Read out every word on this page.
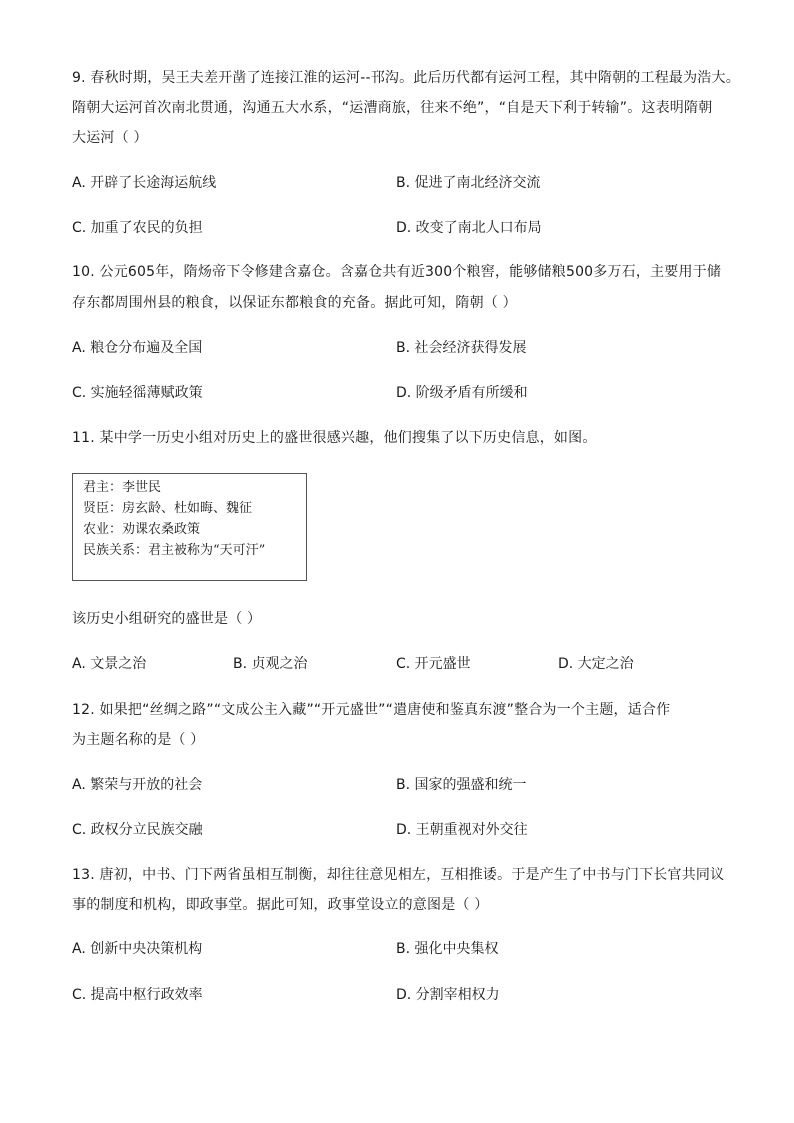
9. 春秋时期，吴王夫差开凿了连接江淮的运河--邗沟。此后历代都有运河工程，其中隋朝的工程最为浩大。
隋朝大运河首次南北贯通，沟通五大水系，“运漕商旅，往来不绝”，“自是天下利于转输”。这表明隋朝
大运河（ ）
A. 开辟了长途海运航线	B. 促进了南北经济交流
C. 加重了农民的负担	D. 改变了南北人口布局
10. 公元605年，隋炀帝下令修建含嘉仓。含嘉仓共有近300个粮窖，能够储粮500多万石，主要用于储
存东都周围州县的粮食，以保证东都粮食的充备。据此可知，隋朝（ ）
A. 粮仓分布遍及全国	B. 社会经济获得发展
C. 实施轻徭薄赋政策	D. 阶级矛盾有所缓和
11. 某中学一历史小组对历史上的盛世很感兴趣，他们搜集了以下历史信息，如图。
君主：李世民
贤臣：房玄龄、杜如晦、魏征
农业：劝课农桑政策
民族关系：君主被称为“天可汗”
该历史小组研究的盛世是（ ）
A. 文景之治	B. 贞观之治	C. 开元盛世	D. 大定之治
12. 如果把“丝绸之路”“文成公主入藏”“开元盛世”“遣唐使和鉴真东渡”整合为一个主题，适合作
为主题名称的是（ ）
A. 繁荣与开放的社会	B. 国家的强盛和统一
C. 政权分立民族交融	D. 王朝重视对外交往
13. 唐初，中书、门下两省虽相互制衡，却往往意见相左，互相推诿。于是产生了中书与门下长官共同议
事的制度和机构，即政事堂。据此可知，政事堂设立的意图是（ ）
A. 创新中央决策机构	B. 强化中央集权
C. 提高中枢行政效率	D. 分割宰相权力
